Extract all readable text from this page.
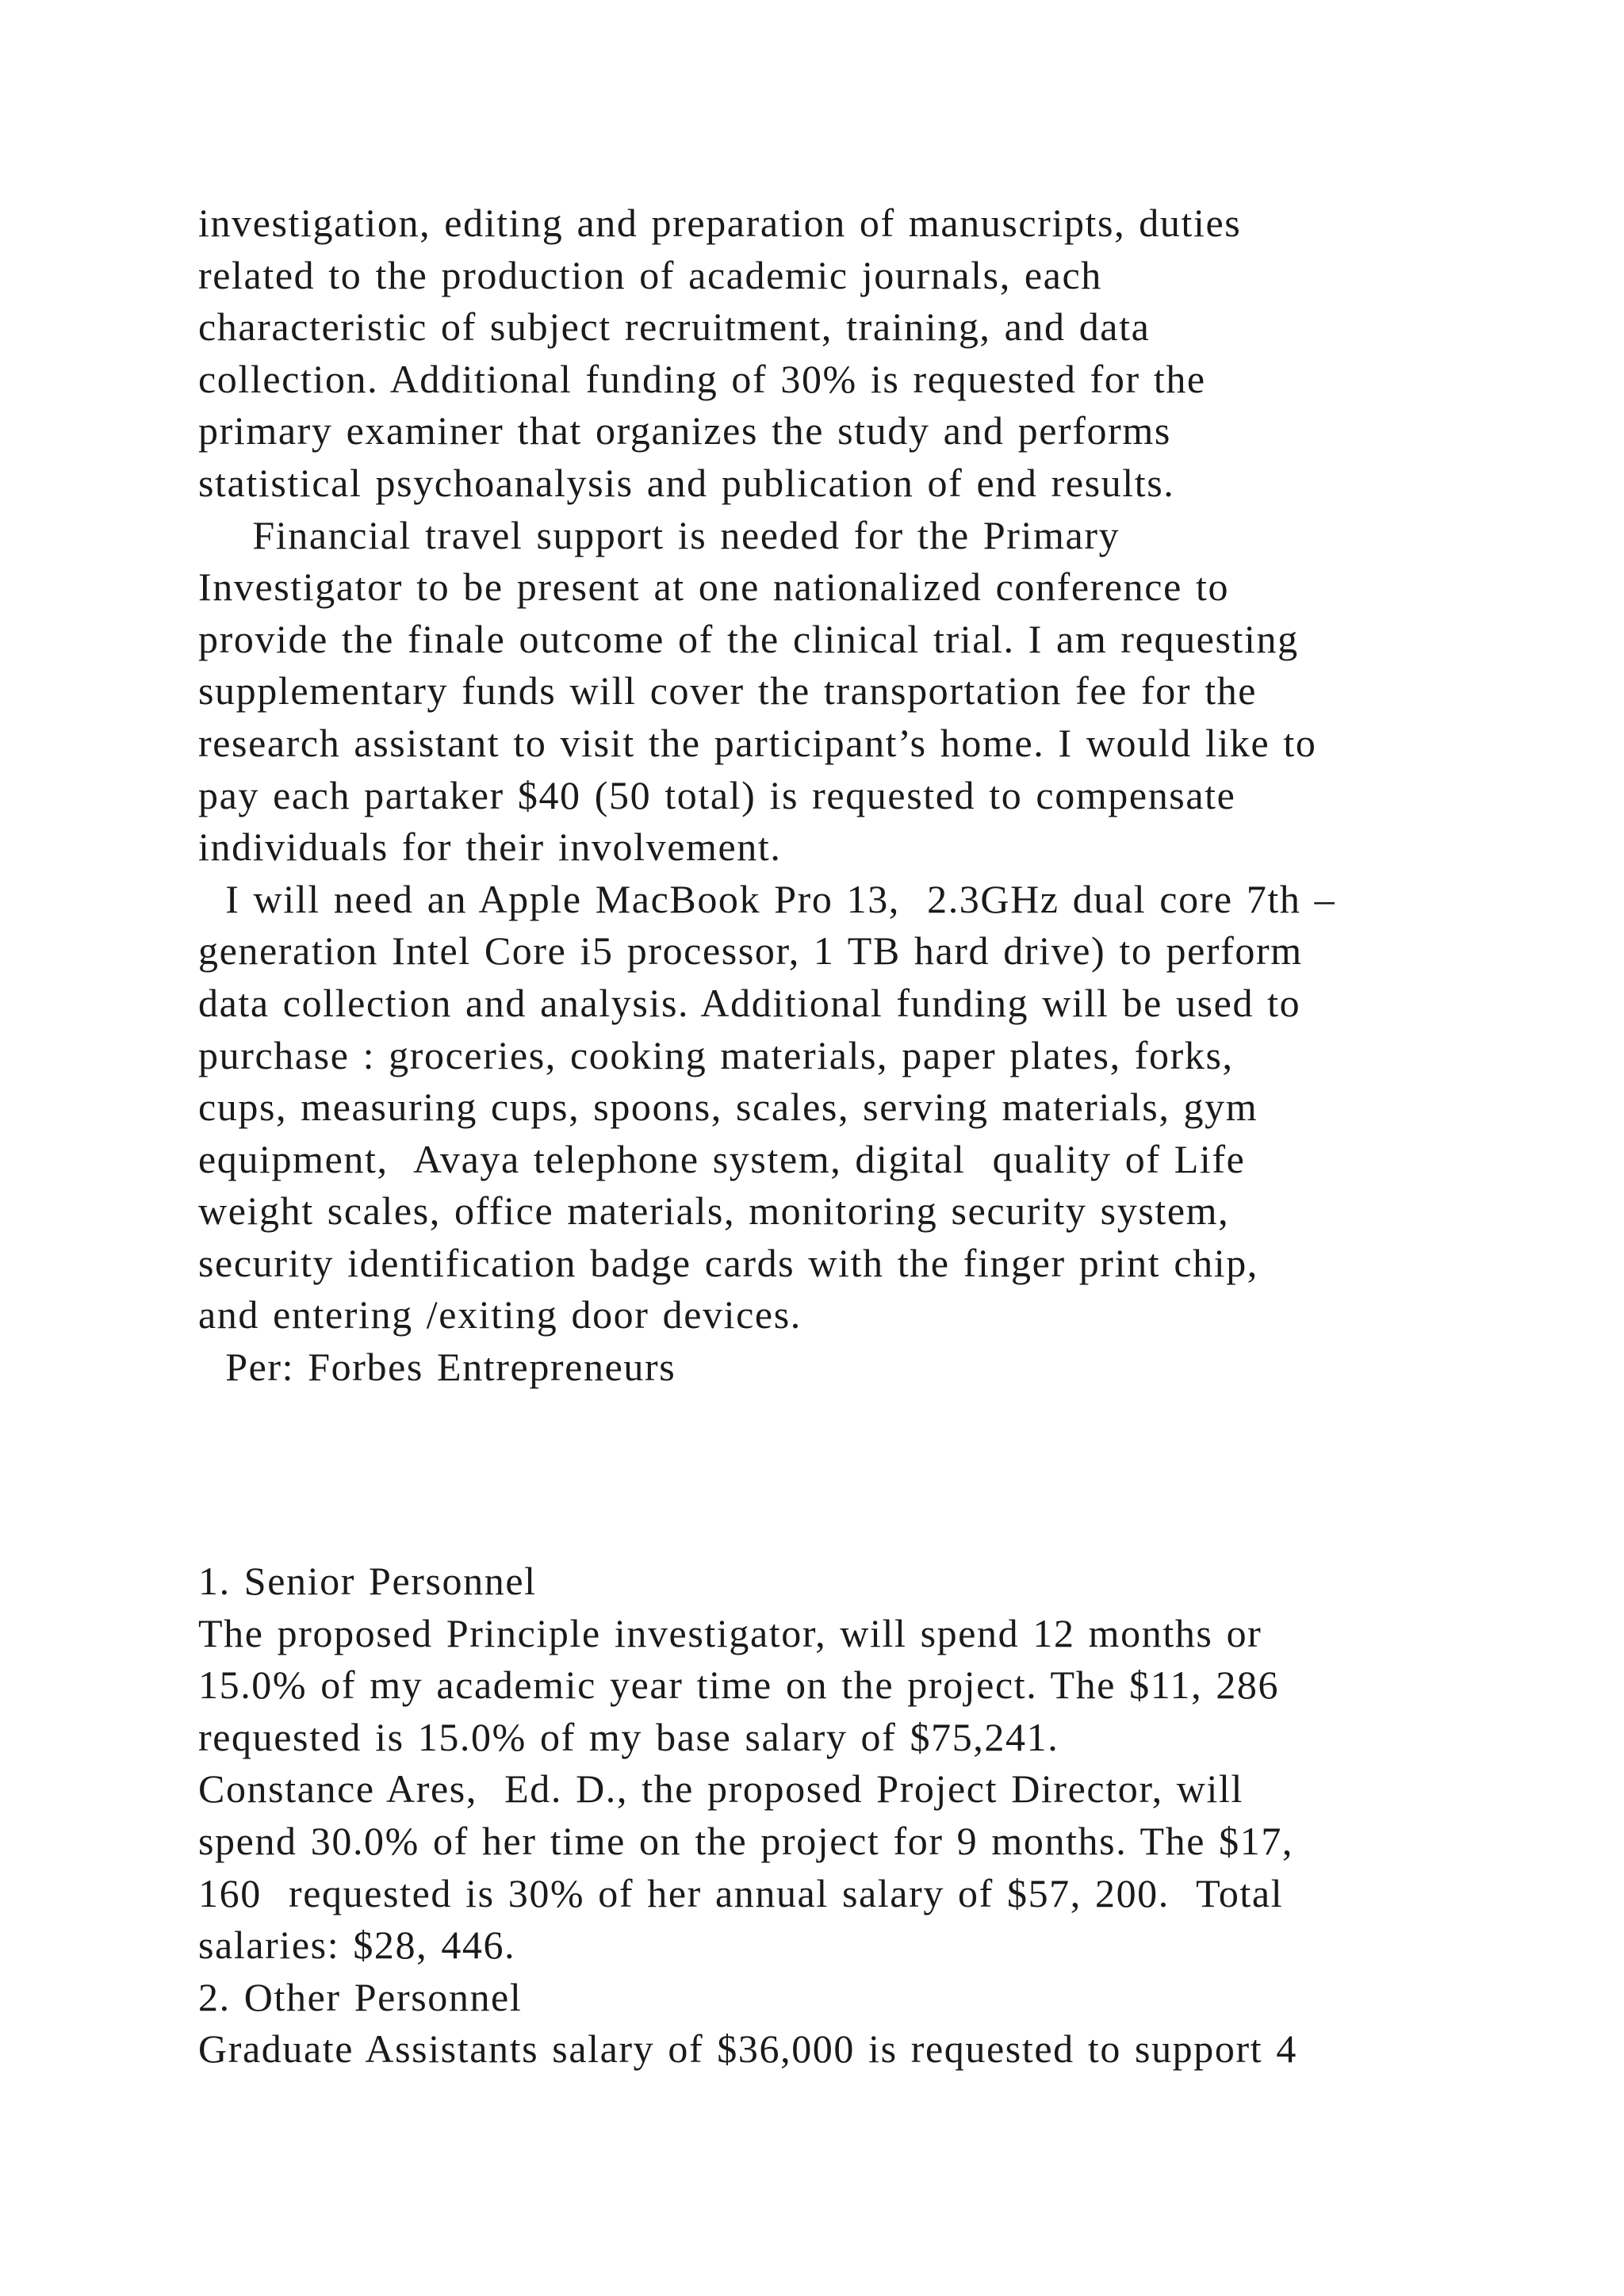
investigation, editing and preparation of manuscripts, duties
related to the production of academic journals, each
characteristic of subject recruitment, training, and data
collection. Additional funding of 30% is requested for the
primary examiner that organizes the study and performs
statistical psychoanalysis and publication of end results.
Financial travel support is needed for the Primary
Investigator to be present at one nationalized conference to
provide the finale outcome of the clinical trial. I am requesting
supplementary funds will cover the transportation fee for the
research assistant to visit the participant’s home. I would like to
pay each partaker $40 (50 total) is requested to compensate
individuals for their involvement.
I will need an Apple MacBook Pro 13,  2.3GHz dual core 7th –
generation Intel Core i5 processor, 1 TB hard drive) to perform
data collection and analysis. Additional funding will be used to
purchase : groceries, cooking materials, paper plates, forks,
cups, measuring cups, spoons, scales, serving materials, gym
equipment,  Avaya telephone system, digital  quality of Life
weight scales, office materials, monitoring security system,
security identification badge cards with the finger print chip,
and entering /exiting door devices.
Per: Forbes Entrepreneurs
1. Senior Personnel
The proposed Principle investigator, will spend 12 months or
15.0% of my academic year time on the project. The $11, 286
requested is 15.0% of my base salary of $75,241.
Constance Ares,  Ed. D., the proposed Project Director, will
spend 30.0% of her time on the project for 9 months. The $17,
160  requested is 30% of her annual salary of $57, 200.  Total
salaries: $28, 446.
2. Other Personnel
Graduate Assistants salary of $36,000 is requested to support 4
